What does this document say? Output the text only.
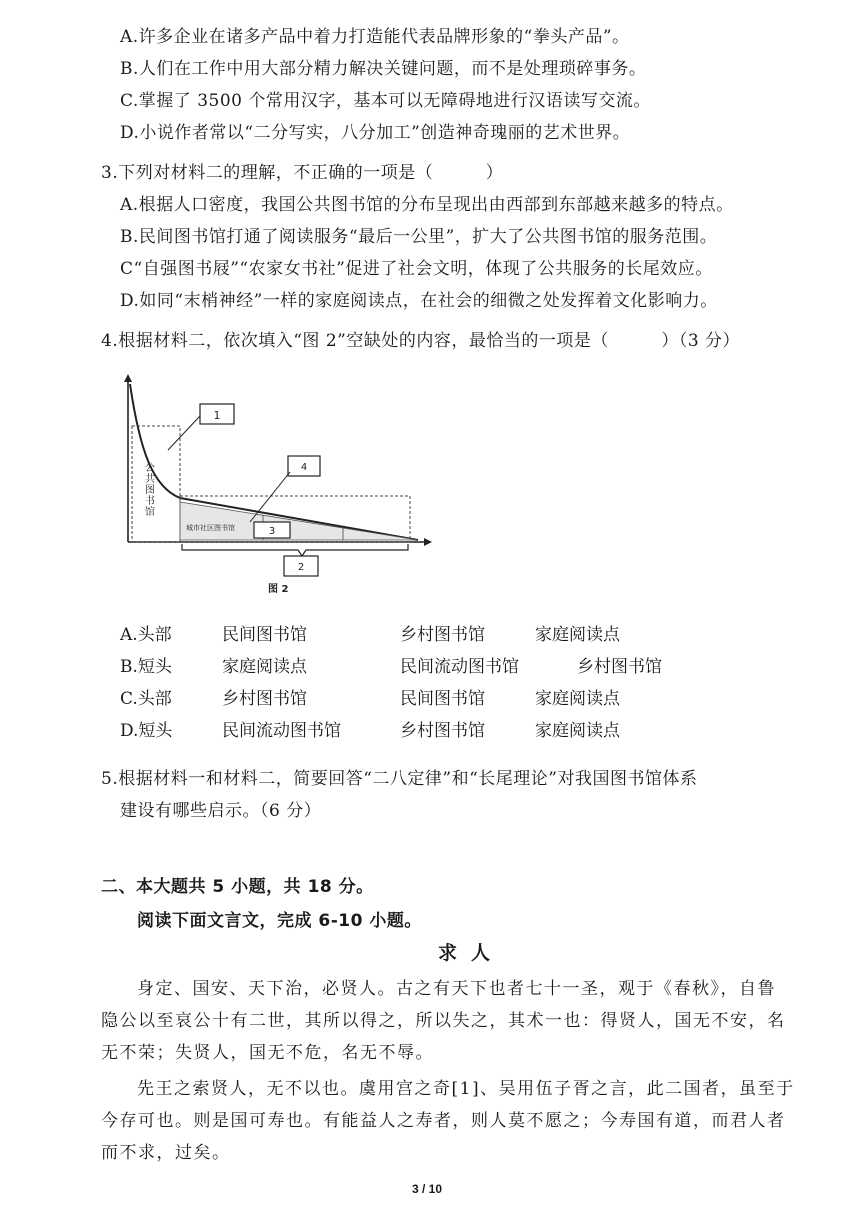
A.许多企业在诸多产品中着力打造能代表品牌形象的“拳头产品”。
B.人们在工作中用大部分精力解决关键问题，而不是处理琐碎事务。
C.掌握了 3500 个常用汉字，基本可以无障碍地进行汉语读写交流。
D.小说作者常以“二分写实，八分加工”创造神奇瑰丽的艺术世界。
3.下列对材料二的理解，不正确的一项是（　　　）
A.根据人口密度，我国公共图书馆的分布呈现出由西部到东部越来越多的特点。
B.民间图书馆打通了阅读服务“最后一公里”，扩大了公共图书馆的服务范围。
C“自强图书屐”“农家女书社”促进了社会文明，体现了公共服务的长尾效应。
D.如同“末梢神经”一样的家庭阅读点，在社会的细微之处发挥着文化影响力。
4.根据材料二，依次填入“图 2”空缺处的内容，最恰当的一项是（　　　）（3 分）
1
4
3
2
公共图书馆
城市社区图书馆
图 2
A.头部	民间图书馆	乡村图书馆	家庭阅读点
B.短头	家庭阅读点	民间流动图书馆	乡村图书馆
C.头部	乡村图书馆	民间图书馆	家庭阅读点
D.短头	民间流动图书馆	乡村图书馆	家庭阅读点
5.根据材料一和材料二，简要回答“二八定律”和“长尾理论”对我国图书馆体系
建设有哪些启示。（6 分）
二、本大题共 5 小题，共 18 分。
阅读下面文言文，完成 6-10 小题。
求人
身定、国安、天下治，必贤人。古之有天下也者七十一圣，观于《春秋》，自鲁
隐公以至哀公十有二世，其所以得之，所以失之，其术一也：得贤人，国无不安，名
无不荣；失贤人，国无不危，名无不辱。
先王之索贤人，无不以也。虞用宫之奇[1]、吴用伍子胥之言，此二国者，虽至于
今存可也。则是国可寿也。有能益人之寿者，则人莫不愿之；今寿国有道，而君人者
而不求，过矣。
3 / 10
